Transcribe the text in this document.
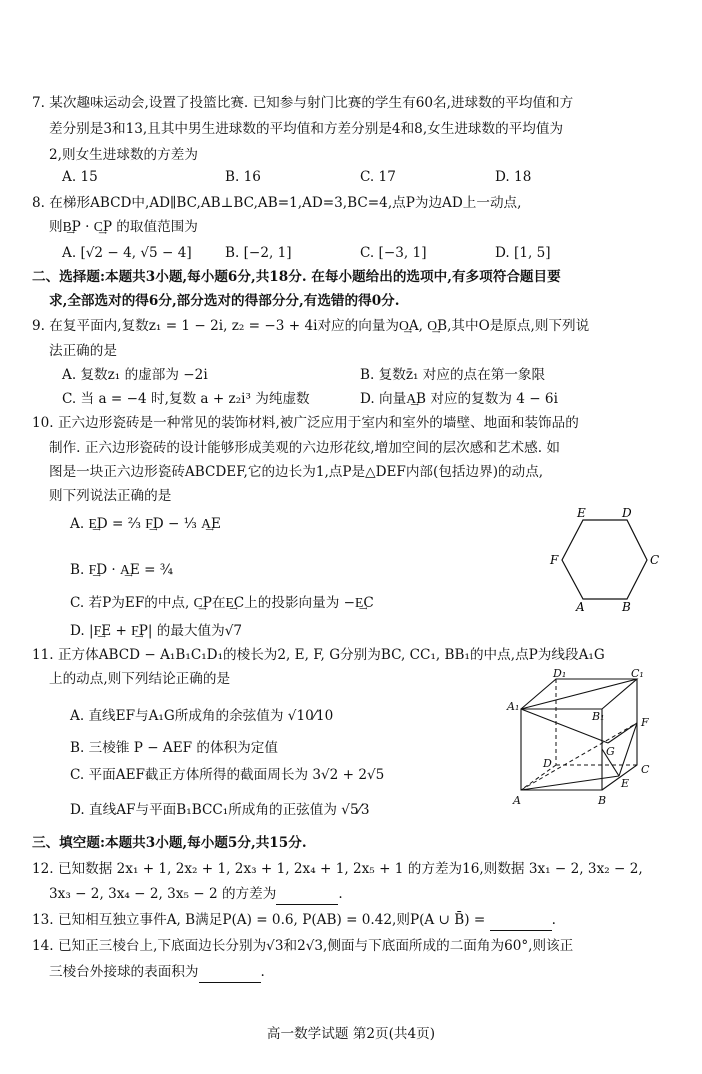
7. 某次趣味运动会,设置了投篮比赛. 已知参与射门比赛的学生有60名,进球数的平均值和方
差分别是3和13,且其中男生进球数的平均值和方差分别是4和8,女生进球数的平均值为
2,则女生进球数的方差为
A. 15	B. 16	C. 17	D. 18
8. 在梯形ABCD中,AD∥BC,AB⊥BC,AB=1,AD=3,BC=4,点P为边AD上一动点,
则B͢P · C͢P 的取值范围为
A. [√2 − 4, √5 − 4] B. [−2, 1]	C. [−3, 1]	D. [1, 5]
二、选择题:本题共3小题,每小题6分,共18分. 在每小题给出的选项中,有多项符合题目要
求,全部选对的得6分,部分选对的得部分分,有选错的得0分.
9. 在复平面内,复数z₁ = 1 − 2i, z₂ = −3 + 4i对应的向量为O͢A, O͢B,其中O是原点,则下列说
法正确的是
A. 复数z₁ 的虚部为 −2i	B. 复数z̄₁ 对应的点在第一象限
C. 当 a = −4 时,复数 a + z₂i³ 为纯虚数	D. 向量A͢B 对应的复数为 4 − 6i
10. 正六边形瓷砖是一种常见的装饰材料,被广泛应用于室内和室外的墙壁、地面和装饰品的
制作. 正六边形瓷砖的设计能够形成美观的六边形花纹,增加空间的层次感和艺术感. 如
图是一块正六边形瓷砖ABCDEF,它的边长为1,点P是△DEF内部(包括边界)的动点,
则下列说法正确的是
A. E͢D = ⅔ F͢D − ⅓ A͢E
B. F͢D · A͢E = ¾
C. 若P为EF的中点, C͢P在E͢C上的投影向量为 −E͢C
D. |F͢E + F͢P| 的最大值为√7
E	D
F	C
A	B
11. 正方体ABCD − A₁B₁C₁D₁的棱长为2, E, F, G分别为BC, CC₁, BB₁的中点,点P为线段A₁G
上的动点,则下列结论正确的是
A. 直线EF与A₁G所成角的余弦值为 √10⁄10
B. 三棱锥 P − AEF 的体积为定值
C. 平面AEF截正方体所得的截面周长为 3√2 + 2√5
D. 直线AF与平面B₁BCC₁所成角的正弦值为 √5⁄3
D₁	C₁
A₁
B₁	F
G
D	C
E
A	B
三、填空题:本题共3小题,每小题5分,共15分.
12. 已知数据 2x₁ + 1, 2x₂ + 1, 2x₃ + 1, 2x₄ + 1, 2x₅ + 1 的方差为16,则数据 3x₁ − 2, 3x₂ − 2,
3x₃ − 2, 3x₄ − 2, 3x₅ − 2 的方差为	.
13. 已知相互独立事件A, B满足P(A) = 0.6, P(AB) = 0.42,则P(A ∪ B̄) =	.
14. 已知正三棱台上,下底面边长分别为√3和2√3,侧面与下底面所成的二面角为60°,则该正
三棱台外接球的表面积为	.
高一数学试题 第2页(共4页)
